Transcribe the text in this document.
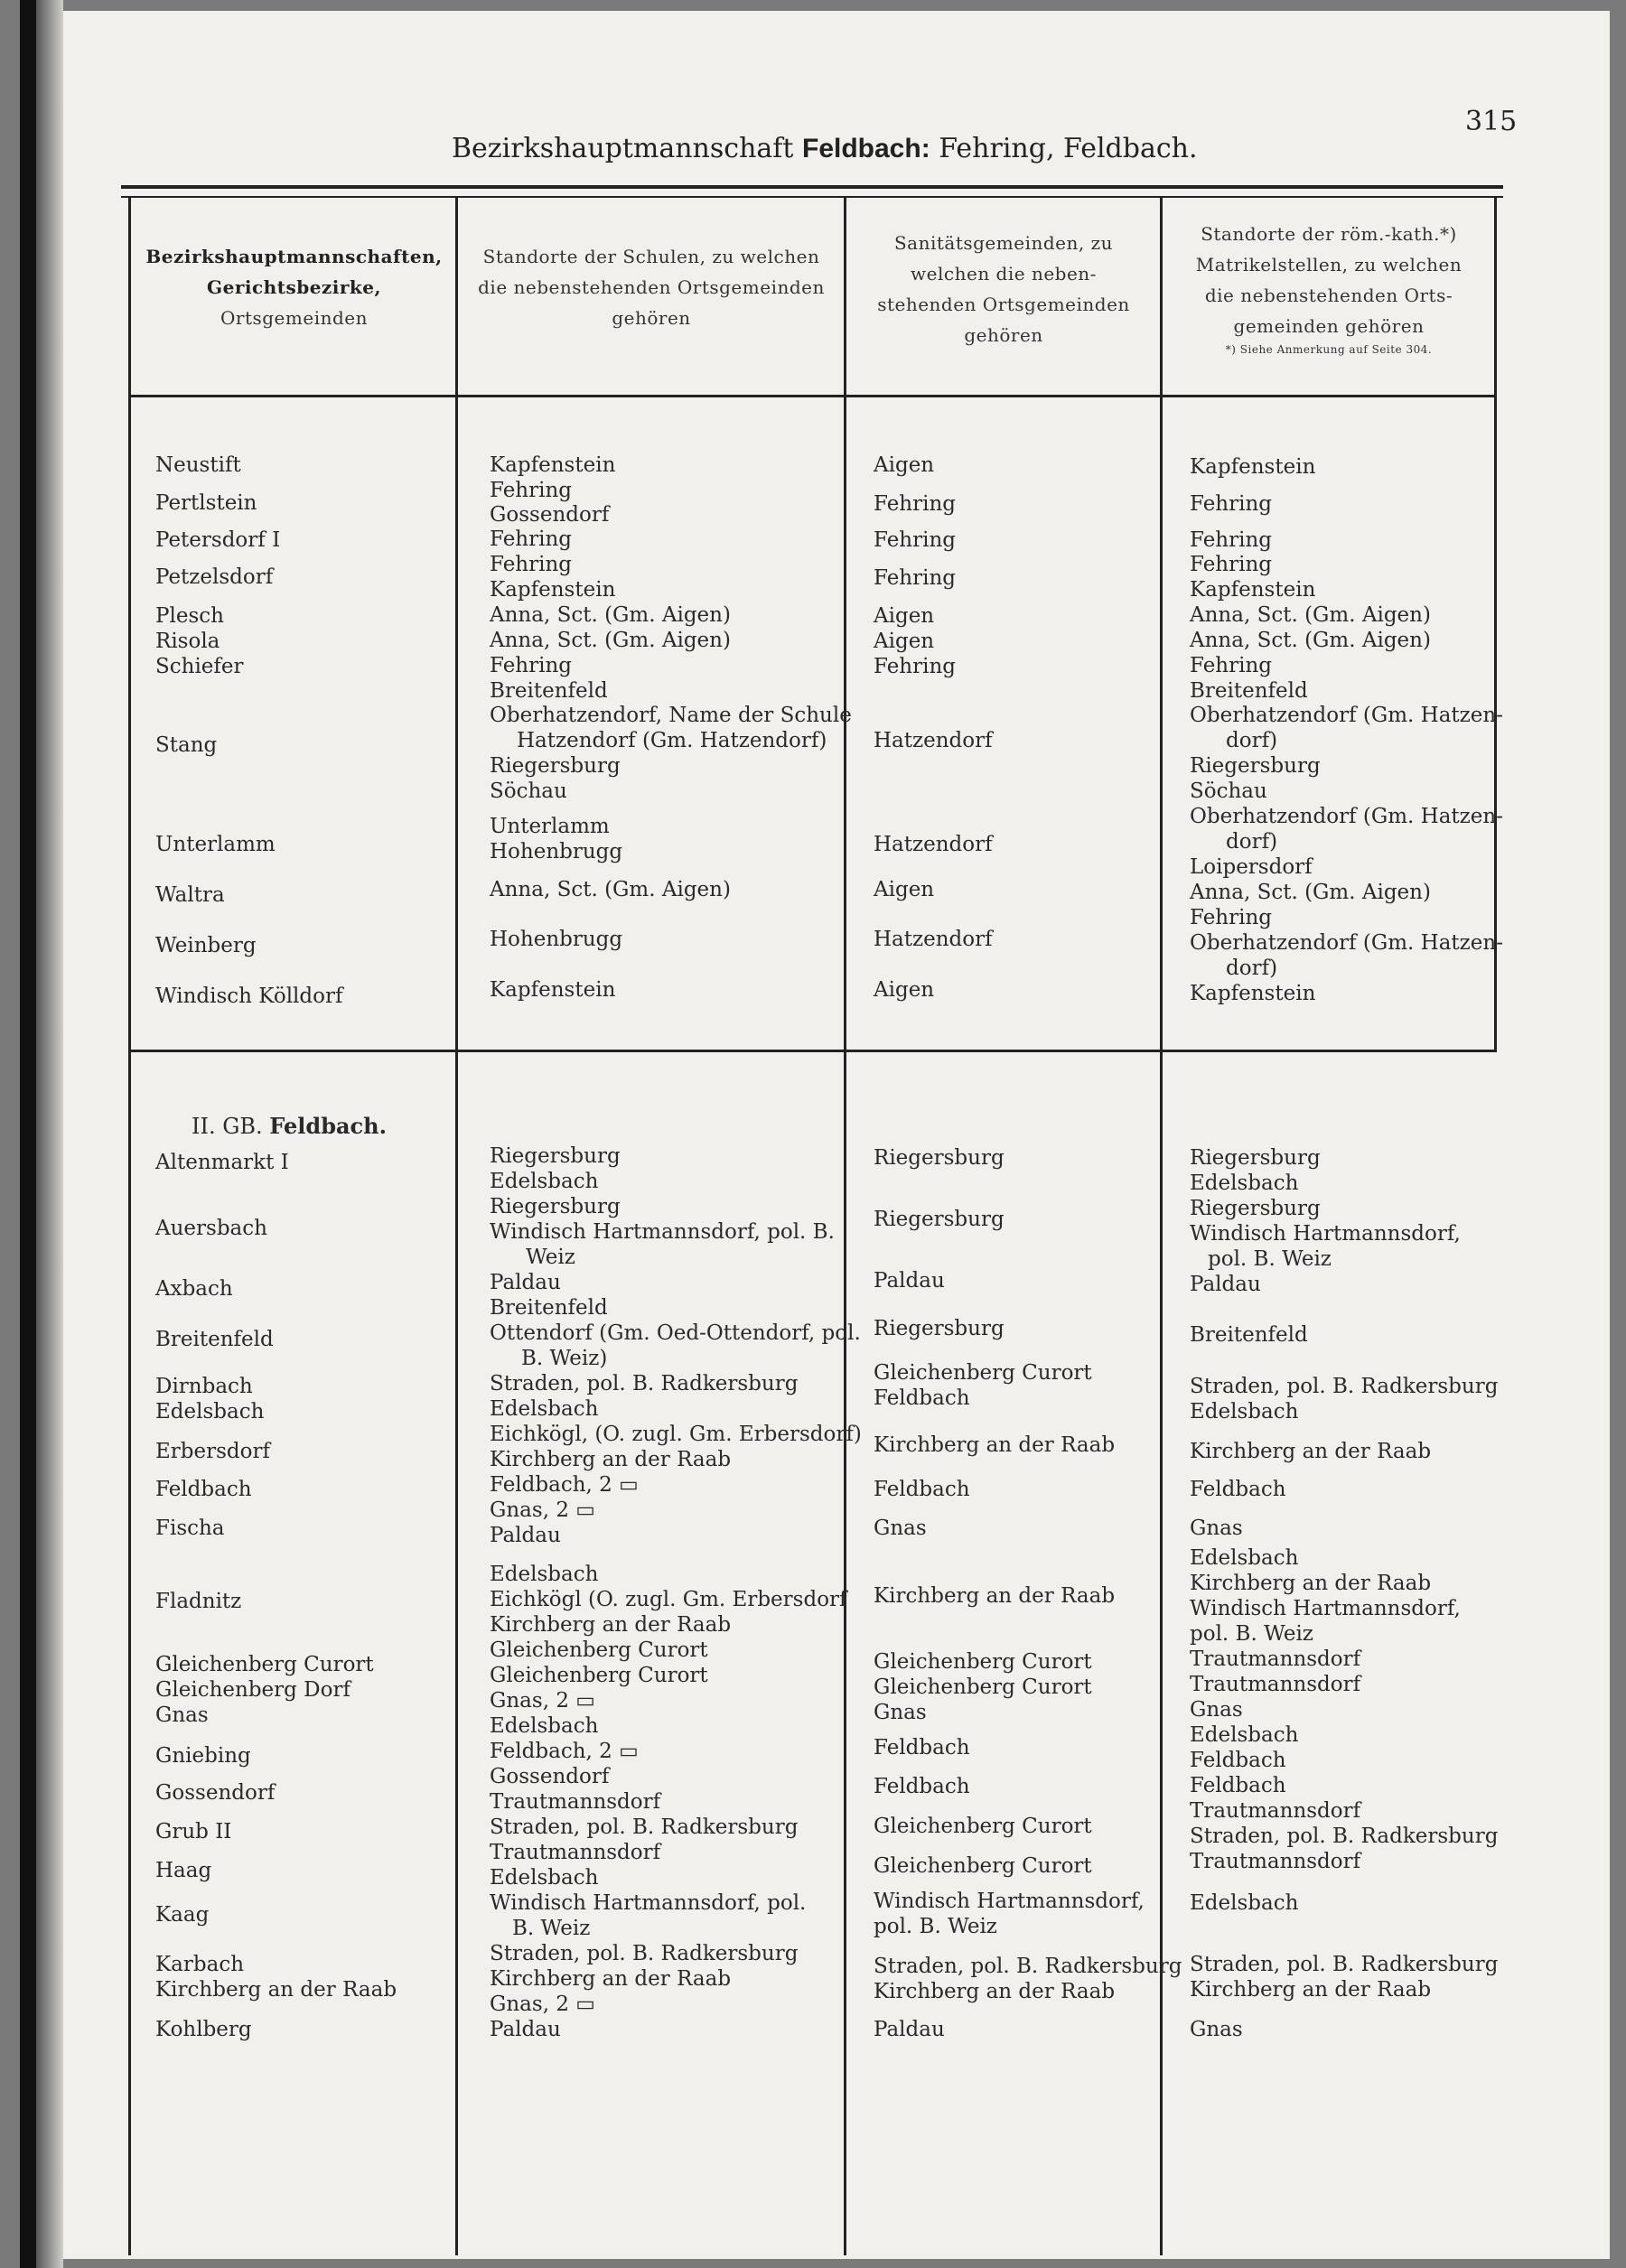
Bezirkshauptmannschaft Feldbach: Fehring, Feldbach.
315
Bezirkshauptmannschaften,
Gerichtsbezirke,
Ortsgemeinden
Standorte der Schulen, zu welchen
die nebenstehenden Ortsgemeinden
gehören
Sanitätsgemeinden, zu
welchen die neben-
stehenden Ortsgemeinden
gehören
Standorte der röm.-kath.*)
Matrikelstellen, zu welchen
die nebenstehenden Orts-
gemeinden gehören
*) Siehe Anmerkung auf Seite 304.
II. GB. Feldbach.
Neustift
Pertlstein
Petersdorf I
Petzelsdorf
Plesch
Risola
Schiefer
Stang
Unterlamm
Waltra
Weinberg
Windisch Kölldorf
Altenmarkt I
Auersbach
Axbach
Breitenfeld
Dirnbach
Edelsbach
Erbersdorf
Feldbach
Fischa
Fladnitz
Gleichenberg Curort
Gleichenberg Dorf
Gnas
Gniebing
Gossendorf
Grub II
Haag
Kaag
Karbach
Kirchberg an der Raab
Kohlberg
Kapfenstein
Fehring
Gossendorf
Fehring
Fehring
Kapfenstein
Anna, Sct. (Gm. Aigen)
Anna, Sct. (Gm. Aigen)
Fehring
Breitenfeld
Oberhatzendorf, Name der Schule
Hatzendorf (Gm. Hatzendorf)
Riegersburg
Söchau
Unterlamm
Hohenbrugg
Anna, Sct. (Gm. Aigen)
Hohenbrugg
Kapfenstein
Riegersburg
Edelsbach
Riegersburg
Windisch Hartmannsdorf, pol. B.
Weiz
Paldau
Breitenfeld
Ottendorf (Gm. Oed-Ottendorf, pol.
B. Weiz)
Straden, pol. B. Radkersburg
Edelsbach
Eichkögl, (O. zugl. Gm. Erbersdorf)
Kirchberg an der Raab
Feldbach, 2 ▭
Gnas, 2 ▭
Paldau
Edelsbach
Eichkögl (O. zugl. Gm. Erbersdorf
Kirchberg an der Raab
Gleichenberg Curort
Gleichenberg Curort
Gnas, 2 ▭
Edelsbach
Feldbach, 2 ▭
Gossendorf
Trautmannsdorf
Straden, pol. B. Radkersburg
Trautmannsdorf
Edelsbach
Windisch Hartmannsdorf, pol.
B. Weiz
Straden, pol. B. Radkersburg
Kirchberg an der Raab
Gnas, 2 ▭
Paldau
Aigen
Fehring
Fehring
Fehring
Aigen
Aigen
Fehring
Hatzendorf
Hatzendorf
Aigen
Hatzendorf
Aigen
Riegersburg
Riegersburg
Paldau
Riegersburg
Gleichenberg Curort
Feldbach
Kirchberg an der Raab
Feldbach
Gnas
Kirchberg an der Raab
Gleichenberg Curort
Gleichenberg Curort
Gnas
Feldbach
Feldbach
Gleichenberg Curort
Gleichenberg Curort
Windisch Hartmannsdorf,
pol. B. Weiz
Straden, pol. B. Radkersburg
Kirchberg an der Raab
Paldau
Kapfenstein
Fehring
Fehring
Fehring
Kapfenstein
Anna, Sct. (Gm. Aigen)
Anna, Sct. (Gm. Aigen)
Fehring
Breitenfeld
Oberhatzendorf (Gm. Hatzen-
dorf)
Riegersburg
Söchau
Oberhatzendorf (Gm. Hatzen-
dorf)
Loipersdorf
Anna, Sct. (Gm. Aigen)
Fehring
Oberhatzendorf (Gm. Hatzen-
dorf)
Kapfenstein
Riegersburg
Edelsbach
Riegersburg
Windisch Hartmannsdorf,
pol. B. Weiz
Paldau
Breitenfeld
Straden, pol. B. Radkersburg
Edelsbach
Kirchberg an der Raab
Feldbach
Gnas
Edelsbach
Kirchberg an der Raab
Windisch Hartmannsdorf,
pol. B. Weiz
Trautmannsdorf
Trautmannsdorf
Gnas
Edelsbach
Feldbach
Feldbach
Trautmannsdorf
Straden, pol. B. Radkersburg
Trautmannsdorf
Edelsbach
Straden, pol. B. Radkersburg
Kirchberg an der Raab
Gnas
